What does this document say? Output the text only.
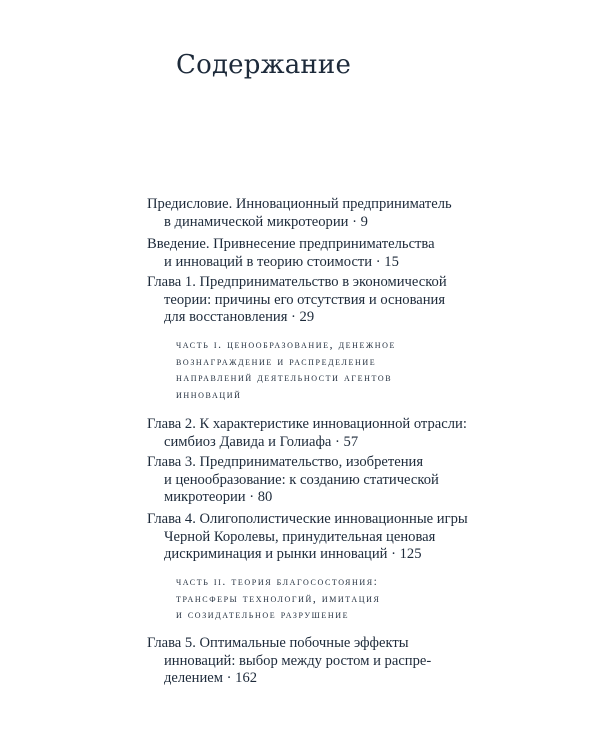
Содержание
Предисловие. Инновационный предприниматель
в динамической микротеории · 9
Введение. Привнесение предпринимательства
и инноваций в теорию стоимости · 15
Глава 1. Предпринимательство в экономической
теории: причины его отсутствия и основания
для восстановления · 29
часть i. ценообразование, денежное
вознаграждение и распределение
направлений деятельности агентов
инноваций
Глава 2. К характеристике инновационной отрасли:
симбиоз Давида и Голиафа · 57
Глава 3. Предпринимательство, изобретения
и ценообразование: к созданию статической
микротеории · 80
Глава 4. Олигополистические инновационные игры
Черной Королевы, принудительная ценовая
дискриминация и рынки инноваций · 125
часть ii. теория благосостояния:
трансферы технологий, имитация
и созидательное разрушение
Глава 5. Оптимальные побочные эффекты
инноваций: выбор между ростом и распре-
делением · 162
